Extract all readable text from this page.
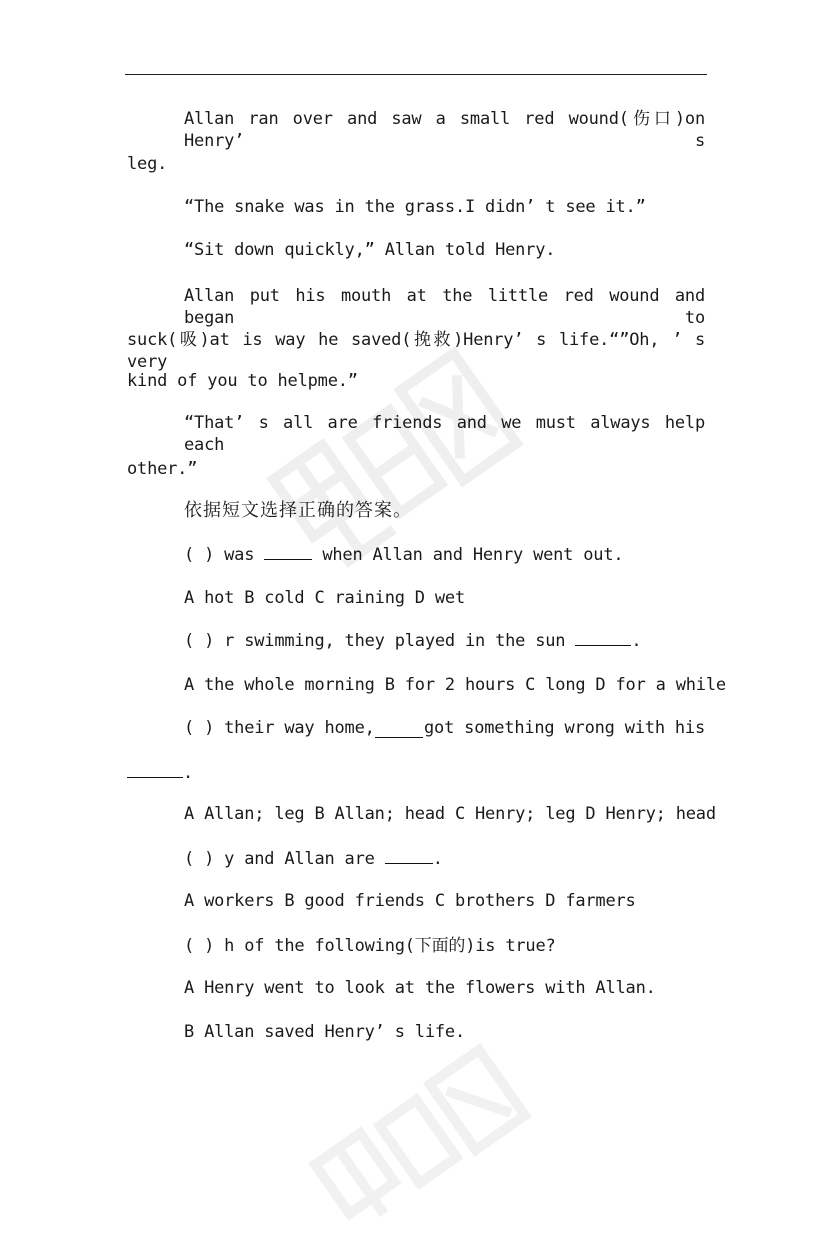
Allan ran over and saw a small red wound(伤口)on Henry’ s
leg.
“The snake was in the grass.I didn’ t see it.”
“Sit down quickly,” Allan told Henry.
Allan put his mouth at the little red wound and began to
suck(吸)at is way he saved(挽救)Henry’ s life.“”Oh, ’ s very
kind of you to helpme.”
“That’ s all are friends and we must always help each
other.”
依据短文选择正确的答案。
( ) was	when Allan and Henry went out.
A hot B cold C raining D wet
( ) r swimming, they played in the sun	.
A the whole morning B for 2 hours C long D for a while
( ) their way home,	got something wrong with his
.
A Allan; leg B Allan; head C Henry; leg D Henry; head
( ) y and Allan are	.
A workers B good friends C brothers D farmers
( ) h of the following(下面的)is true?
A Henry went to look at the flowers with Allan.
B Allan saved Henry’ s life.
